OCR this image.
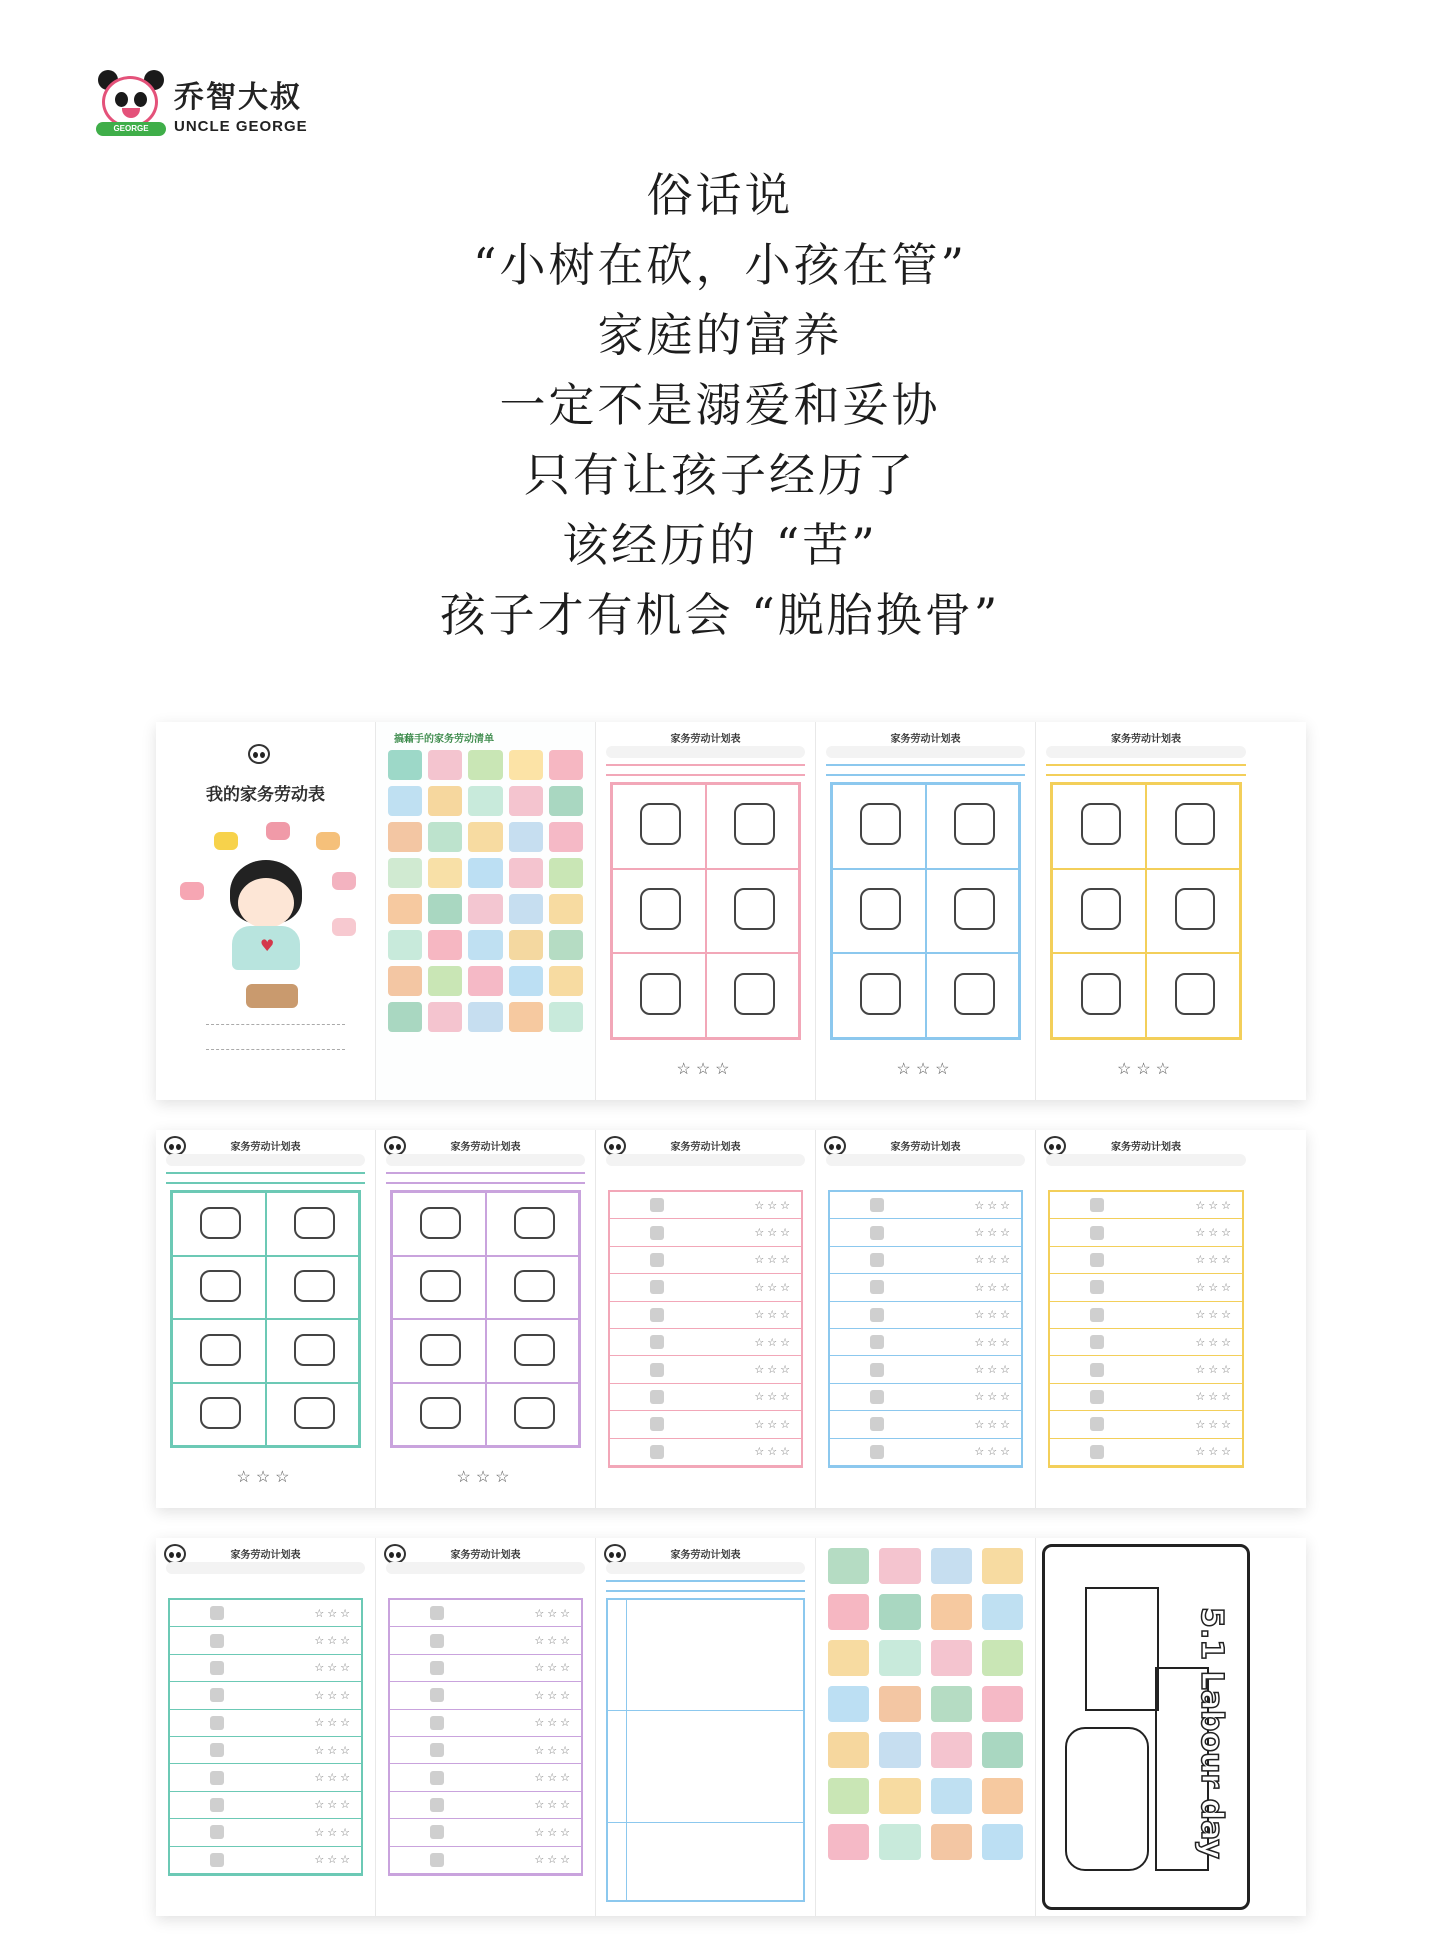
GEORGE
乔智大叔
UNCLE GEORGE
俗话说
“小树在砍，小孩在管”
家庭的富养
一定不是溺爱和妥协
只有让孩子经历了
该经历的 “苦”
孩子才有机会 “脱胎换骨”
我的家务劳动表
♥
搞藉手的家务劳动清单	家务劳动计划表
☆☆☆
家务劳动计划表
☆☆☆
家务劳动计划表
☆☆☆
家务劳动计划表
☆☆☆
家务劳动计划表
☆☆☆
家务劳动计划表
☆☆☆
☆☆☆
☆☆☆
☆☆☆
☆☆☆
☆☆☆
☆☆☆
☆☆☆
☆☆☆
☆☆☆
家务劳动计划表
☆☆☆
☆☆☆
☆☆☆
☆☆☆
☆☆☆
☆☆☆
☆☆☆
☆☆☆
☆☆☆
☆☆☆
家务劳动计划表
☆☆☆
☆☆☆
☆☆☆
☆☆☆
☆☆☆
☆☆☆
☆☆☆
☆☆☆
☆☆☆
☆☆☆
家务劳动计划表
☆☆☆
☆☆☆
☆☆☆
☆☆☆
☆☆☆
☆☆☆
☆☆☆
☆☆☆
☆☆☆
☆☆☆
家务劳动计划表
☆☆☆
☆☆☆
☆☆☆
☆☆☆
☆☆☆
☆☆☆
☆☆☆
☆☆☆
☆☆☆
☆☆☆
家务劳动计划表
5.1 Labour day
